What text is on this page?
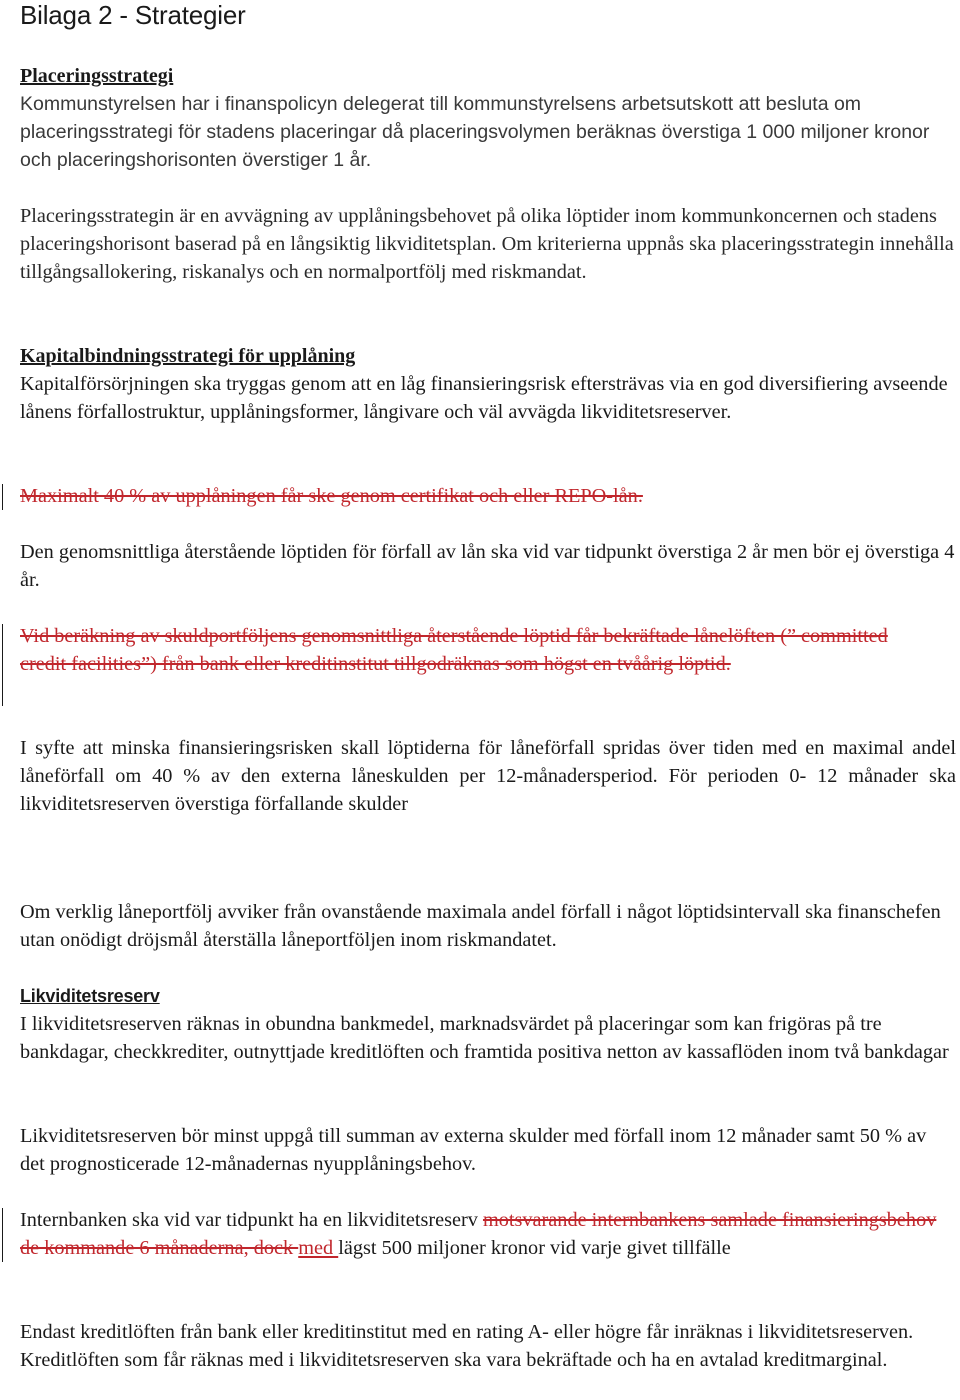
Bilaga 2 - Strategier

Placeringsstrategi

Kommunstyrelsen har i finanspolicyn delegerat till kommunstyrelsens arbetsutskott att besluta om placeringsstrategi för stadens placeringar då placeringsvolymen beräknas överstiga 1 000 miljoner kronor och placeringshorisonten överstiger 1 år.

Placeringsstrategin är en avvägning av upplåningsbehovet på olika löptider inom kommunkoncernen och stadens placeringshorisont baserad på en långsiktig likviditetsplan. Om kriterierna uppnås ska placeringsstrategin innehålla tillgångsallokering, riskanalys och en normalportfölj med riskmandat.

Kapitalbindningsstrategi för upplåning

Kapitalförsörjningen ska tryggas genom att en låg finansieringsrisk eftersträvas via en god diversifiering avseende lånens förfallostruktur, upplåningsformer, långivare och väl avvägda likviditetsreserver.

Maximalt 40 % av upplåningen får ske genom certifikat och eller REPO-lån.

Den genomsnittliga återstående löptiden för förfall av lån ska vid var tidpunkt överstiga 2 år men bör ej överstiga 4 år.

Vid beräkning av skuldportföljens genomsnittliga återstående löptid får bekräftade lånelöften (” committed credit facilities”) från bank eller kreditinstitut tillgodräknas som högst en tvåårig löptid.

I syfte att minska finansieringsrisken skall löptiderna för låneförfall spridas över tiden med en maximal andel låneförfall om 40 % av den externa låneskulden per 12-månadersperiod. För perioden 0- 12 månader ska likviditetsreserven överstiga förfallande skulder

Om verklig låneportfölj avviker från ovanstående maximala andel förfall i något löptidsintervall ska finanschefen utan onödigt dröjsmål återställa låneportföljen inom riskmandatet.

Likviditetsreserv

I likviditetsreserven räknas in obundna bankmedel, marknadsvärdet på placeringar som kan frigöras på tre bankdagar, checkkrediter, outnyttjade kreditlöften och framtida positiva netton av kassaflöden inom två bankdagar

Likviditetsreserven bör minst uppgå till summan av externa skulder med förfall inom 12 månader samt 50 % av det prognosticerade 12-månadernas nyupplåningsbehov.

Internbanken ska vid var tidpunkt ha en likviditetsreserv motsvarande internbankens samlade finansieringsbehov de kommande 6 månaderna, dock med lägst 500 miljoner kronor vid varje givet tillfälle

Endast kreditlöften från bank eller kreditinstitut med en rating A- eller högre får inräknas i likviditetsreserven. Kreditlöften som får räknas med i likviditetsreserven ska vara bekräftade och ha en avtalad kreditmarginal.
